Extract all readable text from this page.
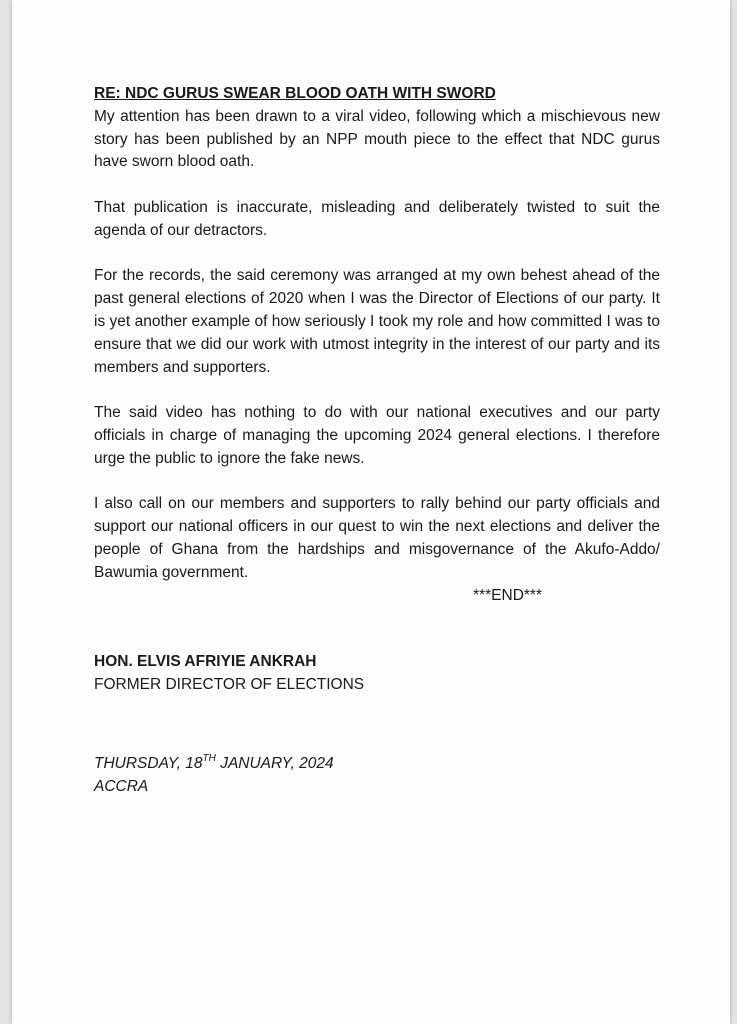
RE: NDC GURUS SWEAR BLOOD OATH WITH SWORD

My attention has been drawn to a viral video, following which a mischievous new story has been published by an NPP mouth piece to the effect that NDC gurus have sworn blood oath.

That publication is inaccurate, misleading and deliberately twisted to suit the agenda of our detractors.

For the records, the said ceremony was arranged at my own behest ahead of the past general elections of 2020 when I was the Director of Elections of our party. It is yet another example of how seriously I took my role and how committed I was to ensure that we did our work with utmost integrity in the interest of our party and its members and supporters.

The said video has nothing to do with our national executives and our party officials in charge of managing the upcoming 2024 general elections. I therefore urge the public to ignore the fake news.

I also call on our members and supporters to rally behind our party officials and support our national officers in our quest to win the next elections and deliver the people of Ghana from the hardships and misgovernance of the Akufo-Addo/ Bawumia government.

***END***

HON. ELVIS AFRIYIE ANKRAH

FORMER DIRECTOR OF ELECTIONS

THURSDAY, 18TH JANUARY, 2024

ACCRA
